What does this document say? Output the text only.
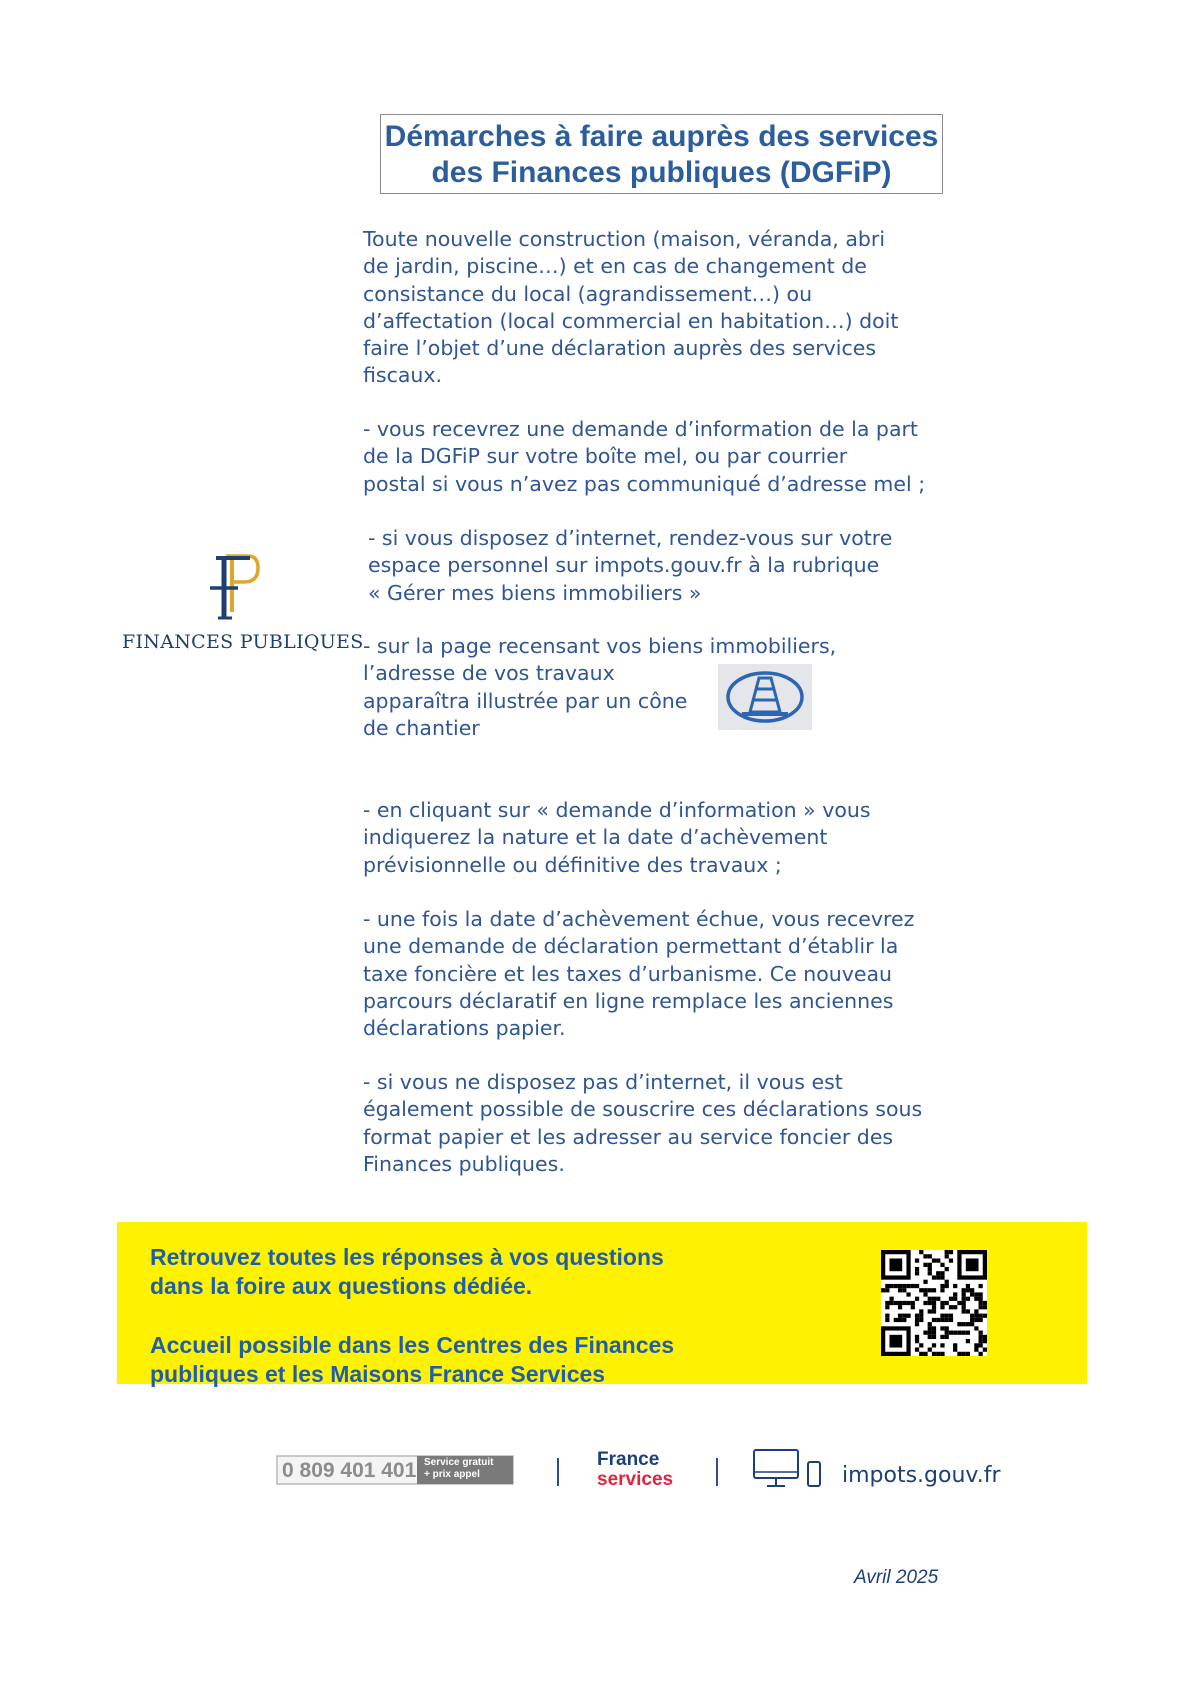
Démarches à faire auprès des services
des Finances publiques (DGFiP)
Toute nouvelle construction (maison, véranda, abri
de jardin, piscine…) et en cas de changement de
consistance du local (agrandissement…) ou
d’affectation (local commercial en habitation…) doit
faire l’objet d’une déclaration auprès des services
fiscaux.
- vous recevrez une demande d’information de la part
de la DGFiP sur votre boîte mel, ou par courrier
postal si vous n’avez pas communiqué d’adresse mel ;
- si vous disposez d’internet, rendez-vous sur votre
espace personnel sur impots.gouv.fr à la rubrique
« Gérer mes biens immobiliers »
- sur la page recensant vos biens immobiliers,
l’adresse de vos travaux
apparaîtra illustrée par un cône
de chantier
- en cliquant sur « demande d’information » vous
indiquerez la nature et la date d’achèvement
prévisionnelle ou définitive des travaux ;
- une fois la date d’achèvement échue, vous recevrez
une demande de déclaration permettant d’établir la
taxe foncière et les taxes d’urbanisme. Ce nouveau
parcours déclaratif en ligne remplace les anciennes
déclarations papier.
- si vous ne disposez pas d’internet, il vous est
également possible de souscrire ces déclarations sous
format papier et les adresser au service foncier des
Finances publiques.
FINANCES PUBLIQUES
Retrouvez toutes les réponses à vos questions
dans la foire aux questions dédiée.
Accueil possible dans les Centres des Finances
publiques et les Maisons France Services
0 809 401 401 Service gratuit
+ prix appel
France
services	impots.gouv.fr
Avril 2025
